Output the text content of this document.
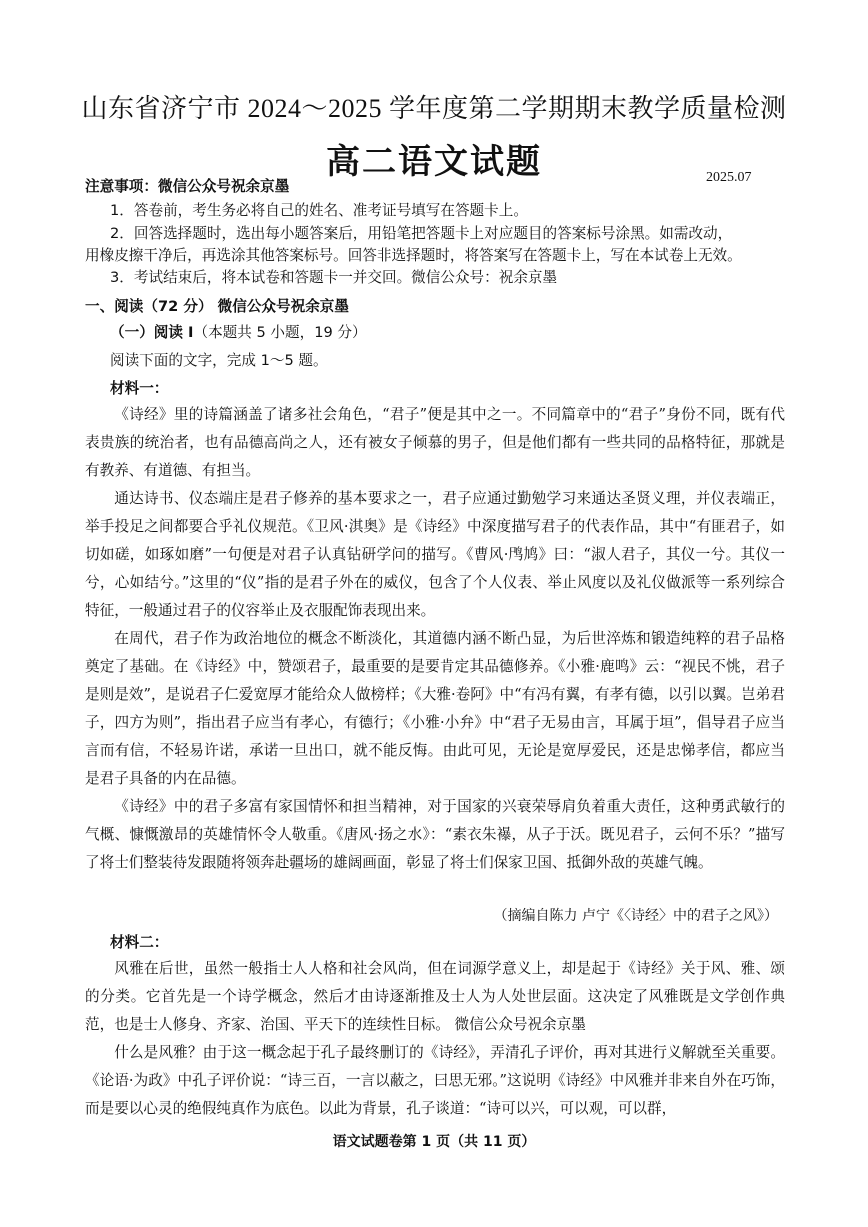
山东省济宁市 2024～2025 学年度第二学期期末教学质量检测
高二语文试题	2025.07
注意事项：微信公众号祝余京墨
1．答卷前，考生务必将自己的姓名、准考证号填写在答题卡上。
2．回答选择题时，选出每小题答案后，用铅笔把答题卡上对应题目的答案标号涂黑。如需改动，
用橡皮擦干净后，再选涂其他答案标号。回答非选择题时，将答案写在答题卡上，写在本试卷上无效。
3．考试结束后，将本试卷和答题卡一并交回。微信公众号：祝余京墨
一、阅读（72 分） 微信公众号祝余京墨
（一）阅读 I（本题共 5 小题，19 分）
阅读下面的文字，完成 1～5 题。
材料一：

《诗经》里的诗篇涵盖了诸多社会角色，“君子”便是其中之一。不同篇章中的“君子”身份不同，既有代表贵族的统治者，也有品德高尚之人，还有被女子倾慕的男子，但是他们都有一些共同的品格特征，那就是有教养、有道德、有担当。

通达诗书、仪态端庄是君子修养的基本要求之一，君子应通过勤勉学习来通达圣贤义理，并仪表端正，举手投足之间都要合乎礼仪规范。《卫风·淇奥》是《诗经》中深度描写君子的代表作品，其中“有匪君子，如切如磋，如琢如磨”一句便是对君子认真钻研学问的描写。《曹风·鸤鸠》曰：“淑人君子，其仪一兮。其仪一兮，心如结兮。”这里的“仪”指的是君子外在的威仪，包含了个人仪表、举止风度以及礼仪做派等一系列综合特征，一般通过君子的仪容举止及衣服配饰表现出来。

在周代，君子作为政治地位的概念不断淡化，其道德内涵不断凸显，为后世淬炼和锻造纯粹的君子品格奠定了基础。在《诗经》中，赞颂君子，最重要的是要肯定其品德修养。《小雅·鹿鸣》云：“视民不恌，君子是则是效”，是说君子仁爱宽厚才能给众人做榜样；《大雅·卷阿》中“有冯有翼，有孝有德，以引以翼。岂弟君子，四方为则”，指出君子应当有孝心，有德行；《小雅·小弁》中“君子无易由言，耳属于垣”，倡导君子应当言而有信，不轻易许诺，承诺一旦出口，就不能反悔。由此可见，无论是宽厚爱民，还是忠悌孝信，都应当是君子具备的内在品德。

《诗经》中的君子多富有家国情怀和担当精神，对于国家的兴衰荣辱肩负着重大责任，这种勇武敏行的气概、慷慨激昂的英雄情怀令人敬重。《唐风·扬之水》：“素衣朱襮，从子于沃。既见君子，云何不乐？”描写了将士们整装待发跟随将领奔赴疆场的雄阔画面，彰显了将士们保家卫国、抵御外敌的英雄气魄。

（摘编自陈力 卢宁《〈诗经〉中的君子之风》）
材料二：

风雅在后世，虽然一般指士人人格和社会风尚，但在词源学意义上，却是起于《诗经》关于风、雅、颂的分类。它首先是一个诗学概念，然后才由诗逐渐推及士人为人处世层面。这决定了风雅既是文学创作典范，也是士人修身、齐家、治国、平天下的连续性目标。 微信公众号祝余京墨

什么是风雅？由于这一概念起于孔子最终删订的《诗经》，弄清孔子评价，再对其进行义解就至关重要。《论语·为政》中孔子评价说：“诗三百，一言以蔽之，曰思无邪。”这说明《诗经》中风雅并非来自外在巧饰，而是要以心灵的绝假纯真作为底色。以此为背景，孔子谈道：“诗可以兴，可以观，可以群，

语文试题卷第 1 页（共 11 页）
